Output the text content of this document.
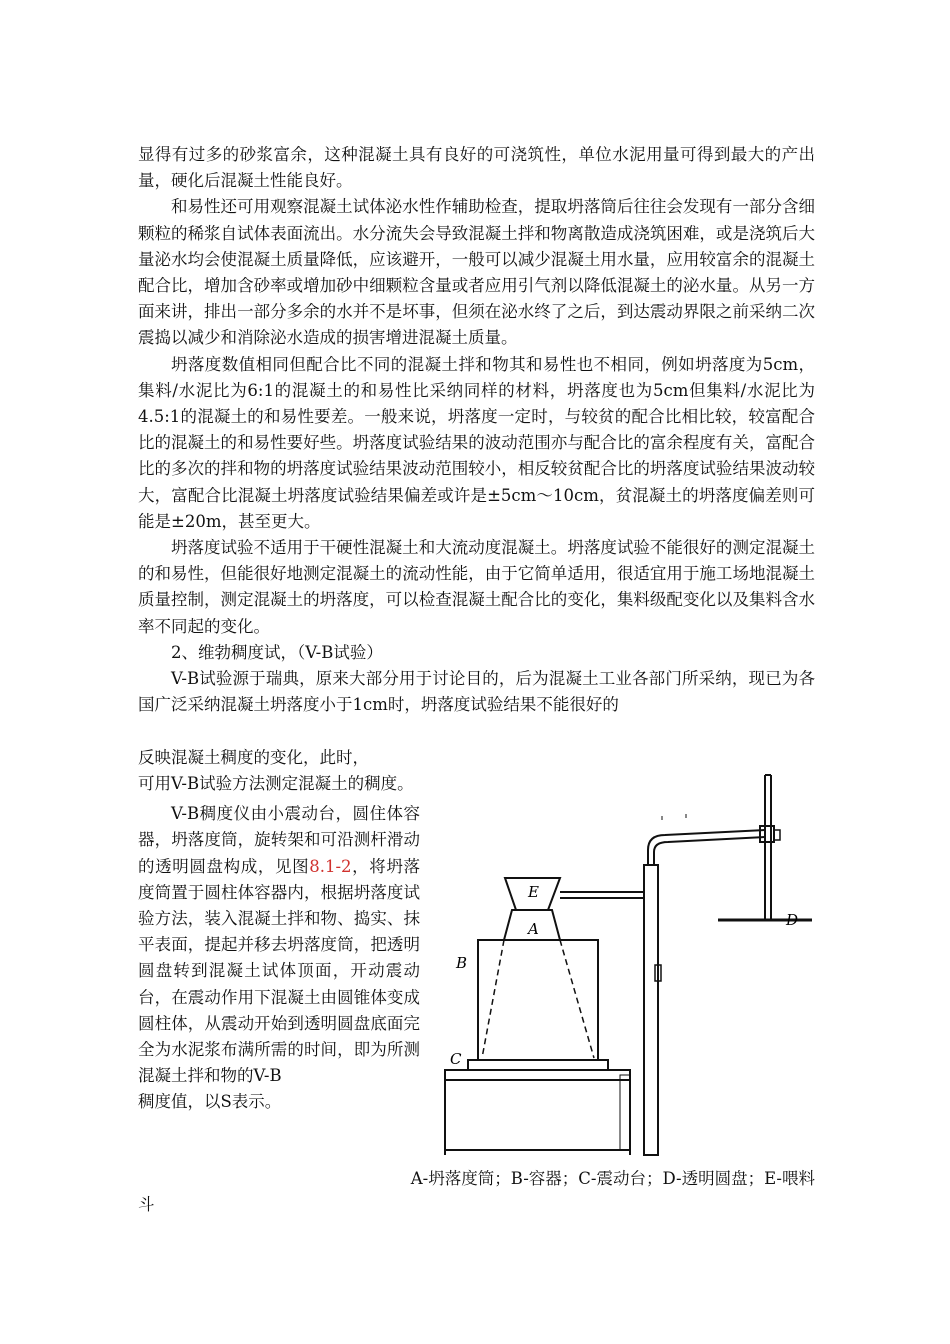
显得有过多的砂浆富余，这种混凝土具有良好的可浇筑性，单位水泥用量可得到最大的产出量，硬化后混凝土性能良好。

和易性还可用观察混凝土试体泌水性作辅助检查，提取坍落筒后往往会发现有一部分含细颗粒的稀浆自试体表面流出。水分流失会导致混凝土拌和物离散造成浇筑困难，或是浇筑后大量泌水均会使混凝土质量降低，应该避开，一般可以减少混凝土用水量，应用较富余的混凝土配合比，增加含砂率或增加砂中细颗粒含量或者应用引气剂以降低混凝土的泌水量。从另一方面来讲，排出一部分多余的水并不是坏事，但须在泌水终了之后，到达震动界限之前采纳二次震捣以减少和消除泌水造成的损害增进混凝土质量。

坍落度数值相同但配合比不同的混凝土拌和物其和易性也不相同，例如坍落度为5cm，集料/水泥比为6:1的混凝土的和易性比采纳同样的材料，坍落度也为5cm但集料/水泥比为4.5:1的混凝土的和易性要差。一般来说，坍落度一定时，与较贫的配合比相比较，较富配合比的混凝土的和易性要好些。坍落度试验结果的波动范围亦与配合比的富余程度有关，富配合比的多次的拌和物的坍落度试验结果波动范围较小，相反较贫配合比的坍落度试验结果波动较大，富配合比混凝土坍落度试验结果偏差或许是±5cm～10cm，贫混凝土的坍落度偏差则可能是±20m，甚至更大。

坍落度试验不适用于干硬性混凝土和大流动度混凝土。坍落度试验不能很好的测定混凝土的和易性，但能很好地测定混凝土的流动性能，由于它简单适用，很适宜用于施工场地混凝土质量控制，测定混凝土的坍落度，可以检查混凝土配合比的变化，集料级配变化以及集料含水率不同起的变化。

2、维勃稠度试，（V-B试验）

V-B试验源于瑞典，原来大部分用于讨论目的，后为混凝土工业各部门所采纳，现已为各国广泛采纳混凝土坍落度小于1cm时，坍落度试验结果不能很好的

反映混凝土稠度的变化，此时，

可用V-B试验方法测定混凝土的稠度。

V-B稠度仪由小震动台，圆住体容器，坍落度筒，旋转架和可沿测杆滑动的透明圆盘构成，见图8.1-2，将坍落度筒置于圆柱体容器内，根据坍落度试验方法，装入混凝土拌和物、捣实、抹平表面，提起并移去坍落度筒，把透明圆盘转到混凝土试体顶面，开动震动台，在震动作用下混凝土由圆锥体变成圆柱体，从震动开始到透明圆盘底面完全为水泥浆布满所需的时间，即为所测混凝土拌和物的V-B

稠度值，以S表示。

E
A
B
C
D
A-坍落度筒；B-容器；C-震动台；D-透明圆盘；E-喂料
斗
